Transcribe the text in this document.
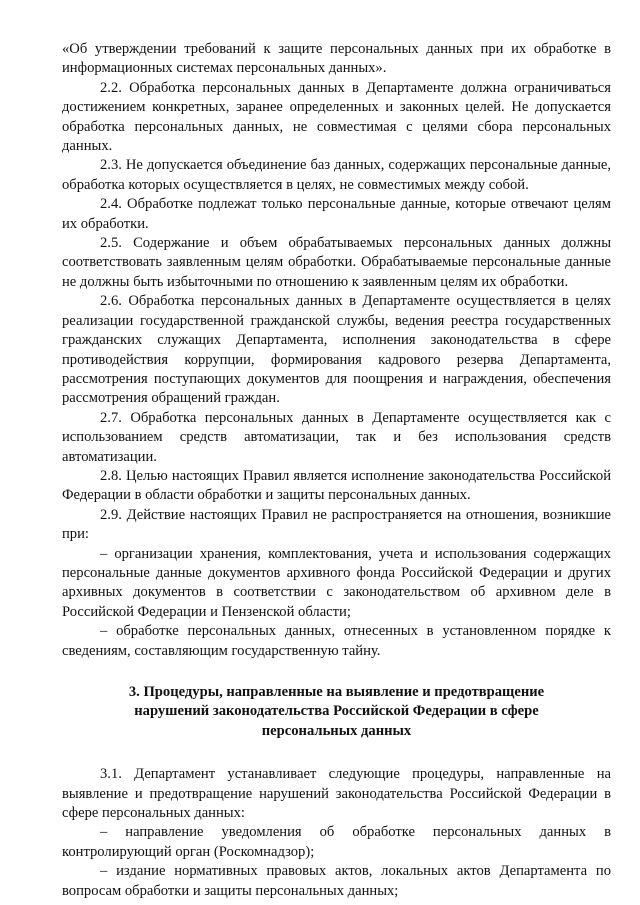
«Об утверждении требований к защите персональных данных при их обработке в информационных системах персональных данных».

2.2. Обработка персональных данных в Департаменте должна ограничиваться достижением конкретных, заранее определенных и законных целей. Не допускается обработка персональных данных, не совместимая с целями сбора персональных данных.

2.3. Не допускается объединение баз данных, содержащих персональные данные, обработка которых осуществляется в целях, не совместимых между собой.

2.4. Обработке подлежат только персональные данные, которые отвечают целям их обработки.

2.5. Содержание и объем обрабатываемых персональных данных должны соответствовать заявленным целям обработки. Обрабатываемые персональные данные не должны быть избыточными по отношению к заявленным целям их обработки.

2.6. Обработка персональных данных в Департаменте осуществляется в целях реализации государственной гражданской службы, ведения реестра государственных гражданских служащих Департамента, исполнения законодательства в сфере противодействия коррупции, формирования кадрового резерва Департамента, рассмотрения поступающих документов для поощрения и награждения, обеспечения рассмотрения обращений граждан.

2.7. Обработка персональных данных в Департаменте осуществляется как с использованием средств автоматизации, так и без использования средств автоматизации.

2.8. Целью настоящих Правил является исполнение законодательства Российской Федерации в области обработки и защиты персональных данных.

2.9. Действие настоящих Правил не распространяется на отношения, возникшие при:

– организации хранения, комплектования, учета и использования содержащих персональные данные документов архивного фонда Российской Федерации и других архивных документов в соответствии с законодательством об архивном деле в Российской Федерации и Пензенской области;

– обработке персональных данных, отнесенных в установленном порядке к сведениям, составляющим государственную тайну.

3. Процедуры, направленные на выявление и предотвращение
нарушений законодательства Российской Федерации в сфере
персональных данных

3.1. Департамент устанавливает следующие процедуры, направленные на выявление и предотвращение нарушений законодательства Российской Федерации в сфере персональных данных:

– направление уведомления об обработке персональных данных в контролирующий орган (Роскомнадзор);

– издание нормативных правовых актов, локальных актов Департамента по вопросам обработки и защиты персональных данных;
